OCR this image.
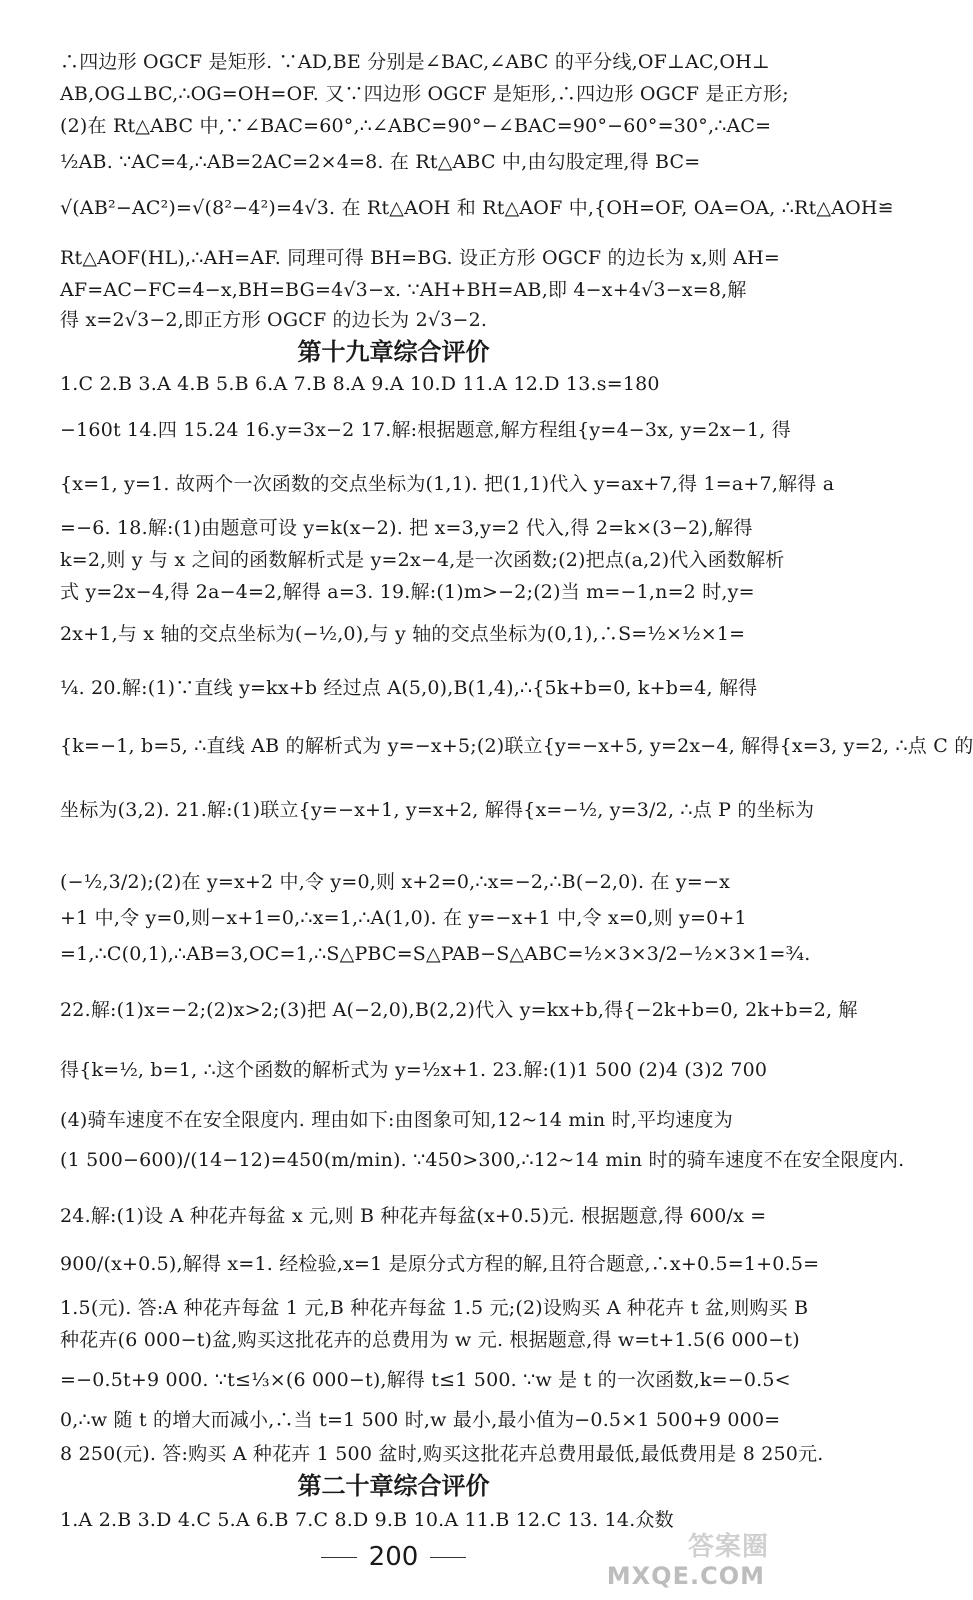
∴四边形 OGCF 是矩形. ∵AD,BE 分别是∠BAC,∠ABC 的平分线,OF⊥AC,OH⊥
AB,OG⊥BC,∴OG=OH=OF. 又∵四边形 OGCF 是矩形,∴四边形 OGCF 是正方形;
(2)在 Rt△ABC 中,∵∠BAC=60°,∴∠ABC=90°−∠BAC=90°−60°=30°,∴AC=
½AB. ∵AC=4,∴AB=2AC=2×4=8. 在 Rt△ABC 中,由勾股定理,得 BC=
√(AB²−AC²)=√(8²−4²)=4√3. 在 Rt△AOH 和 Rt△AOF 中,{OH=OF, OA=OA, ∴Rt△AOH≌
Rt△AOF(HL),∴AH=AF. 同理可得 BH=BG. 设正方形 OGCF 的边长为 x,则 AH=
AF=AC−FC=4−x,BH=BG=4√3−x. ∵AH+BH=AB,即 4−x+4√3−x=8,解
得 x=2√3−2,即正方形 OGCF 的边长为 2√3−2.
第十九章综合评价
1.C 2.B 3.A 4.B 5.B 6.A 7.B 8.A 9.A 10.D 11.A 12.D 13.s=180
−160t 14.四 15.24 16.y=3x−2 17.解:根据题意,解方程组{y=4−3x, y=2x−1, 得
{x=1, y=1. 故两个一次函数的交点坐标为(1,1). 把(1,1)代入 y=ax+7,得 1=a+7,解得 a
=−6. 18.解:(1)由题意可设 y=k(x−2). 把 x=3,y=2 代入,得 2=k×(3−2),解得
k=2,则 y 与 x 之间的函数解析式是 y=2x−4,是一次函数;(2)把点(a,2)代入函数解析
式 y=2x−4,得 2a−4=2,解得 a=3. 19.解:(1)m>−2;(2)当 m=−1,n=2 时,y=
2x+1,与 x 轴的交点坐标为(−½,0),与 y 轴的交点坐标为(0,1),∴S=½×½×1=
¼. 20.解:(1)∵直线 y=kx+b 经过点 A(5,0),B(1,4),∴{5k+b=0, k+b=4, 解得
{k=−1, b=5, ∴直线 AB 的解析式为 y=−x+5;(2)联立{y=−x+5, y=2x−4, 解得{x=3, y=2, ∴点 C 的
坐标为(3,2). 21.解:(1)联立{y=−x+1, y=x+2, 解得{x=−½, y=3/2, ∴点 P 的坐标为
(−½,3/2);(2)在 y=x+2 中,令 y=0,则 x+2=0,∴x=−2,∴B(−2,0). 在 y=−x
+1 中,令 y=0,则−x+1=0,∴x=1,∴A(1,0). 在 y=−x+1 中,令 x=0,则 y=0+1
=1,∴C(0,1),∴AB=3,OC=1,∴S△PBC=S△PAB−S△ABC=½×3×3/2−½×3×1=¾.
22.解:(1)x=−2;(2)x>2;(3)把 A(−2,0),B(2,2)代入 y=kx+b,得{−2k+b=0, 2k+b=2, 解
得{k=½, b=1, ∴这个函数的解析式为 y=½x+1. 23.解:(1)1 500 (2)4 (3)2 700
(4)骑车速度不在安全限度内. 理由如下:由图象可知,12~14 min 时,平均速度为
(1 500−600)/(14−12)=450(m/min). ∵450>300,∴12~14 min 时的骑车速度不在安全限度内.
24.解:(1)设 A 种花卉每盆 x 元,则 B 种花卉每盆(x+0.5)元. 根据题意,得 600/x =
900/(x+0.5),解得 x=1. 经检验,x=1 是原分式方程的解,且符合题意,∴x+0.5=1+0.5=
1.5(元). 答:A 种花卉每盆 1 元,B 种花卉每盆 1.5 元;(2)设购买 A 种花卉 t 盆,则购买 B
种花卉(6 000−t)盆,购买这批花卉的总费用为 w 元. 根据题意,得 w=t+1.5(6 000−t)
=−0.5t+9 000. ∵t≤⅓×(6 000−t),解得 t≤1 500. ∵w 是 t 的一次函数,k=−0.5<
0,∴w 随 t 的增大而减小,∴当 t=1 500 时,w 最小,最小值为−0.5×1 500+9 000=
8 250(元). 答:购买 A 种花卉 1 500 盆时,购买这批花卉总费用最低,最低费用是 8 250元.
第二十章综合评价
1.A 2.B 3.D 4.C 5.A 6.B 7.C 8.D 9.B 10.A 11.B 12.C 13. 14.众数
200	答案圈
MXQE.COM
